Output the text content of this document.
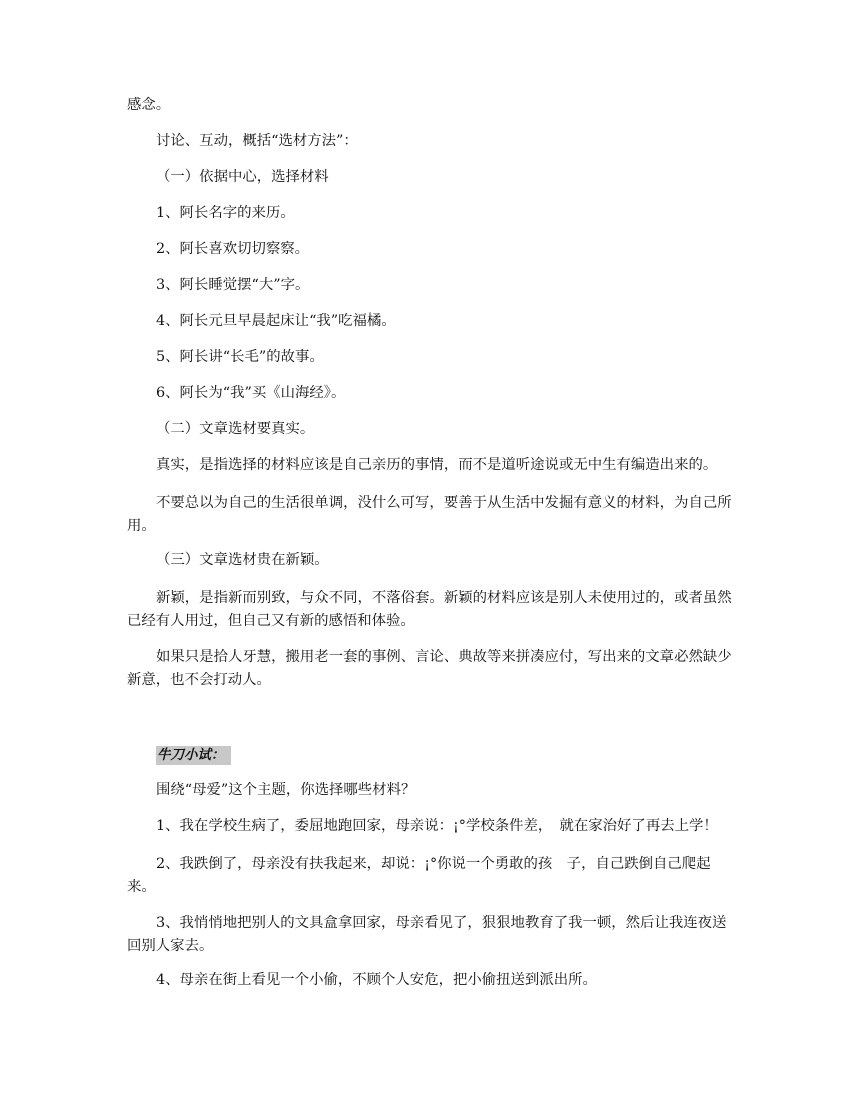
感念。

讨论、互动，概括“选材方法”：

（一）依据中心，选择材料

1、阿长名字的来历。

2、阿长喜欢切切察察。

3、阿长睡觉摆“大”字。

4、阿长元旦早晨起床让“我”吃福橘。

5、阿长讲“长毛”的故事。

6、阿长为“我”买《山海经》。

（二）文章选材要真实。

真实，是指选择的材料应该是自己亲历的事情，而不是道听途说或无中生有编造出来的。

不要总以为自己的生活很单调，没什么可写，要善于从生活中发掘有意义的材料，为自己所用。

（三）文章选材贵在新颖。

新颖，是指新而别致，与众不同，不落俗套。新颖的材料应该是别人未使用过的，或者虽然已经有人用过，但自己又有新的感悟和体验。

如果只是拾人牙慧，搬用老一套的事例、言论、典故等来拼凑应付，写出来的文章必然缺少新意，也不会打动人。

牛刀小试：

围绕“母爱”这个主题，你选择哪些材料？

1、我在学校生病了，委屈地跑回家，母亲说：¡°学校条件差，　就在家治好了再去上学！

2、我跌倒了，母亲没有扶我起来，却说：¡°你说一个勇敢的孩　子，自己跌倒自己爬起来。

3、我悄悄地把别人的文具盒拿回家，母亲看见了，狠狠地教育了我一顿，然后让我连夜送回别人家去。

4、母亲在街上看见一个小偷，不顾个人安危，把小偷扭送到派出所。
